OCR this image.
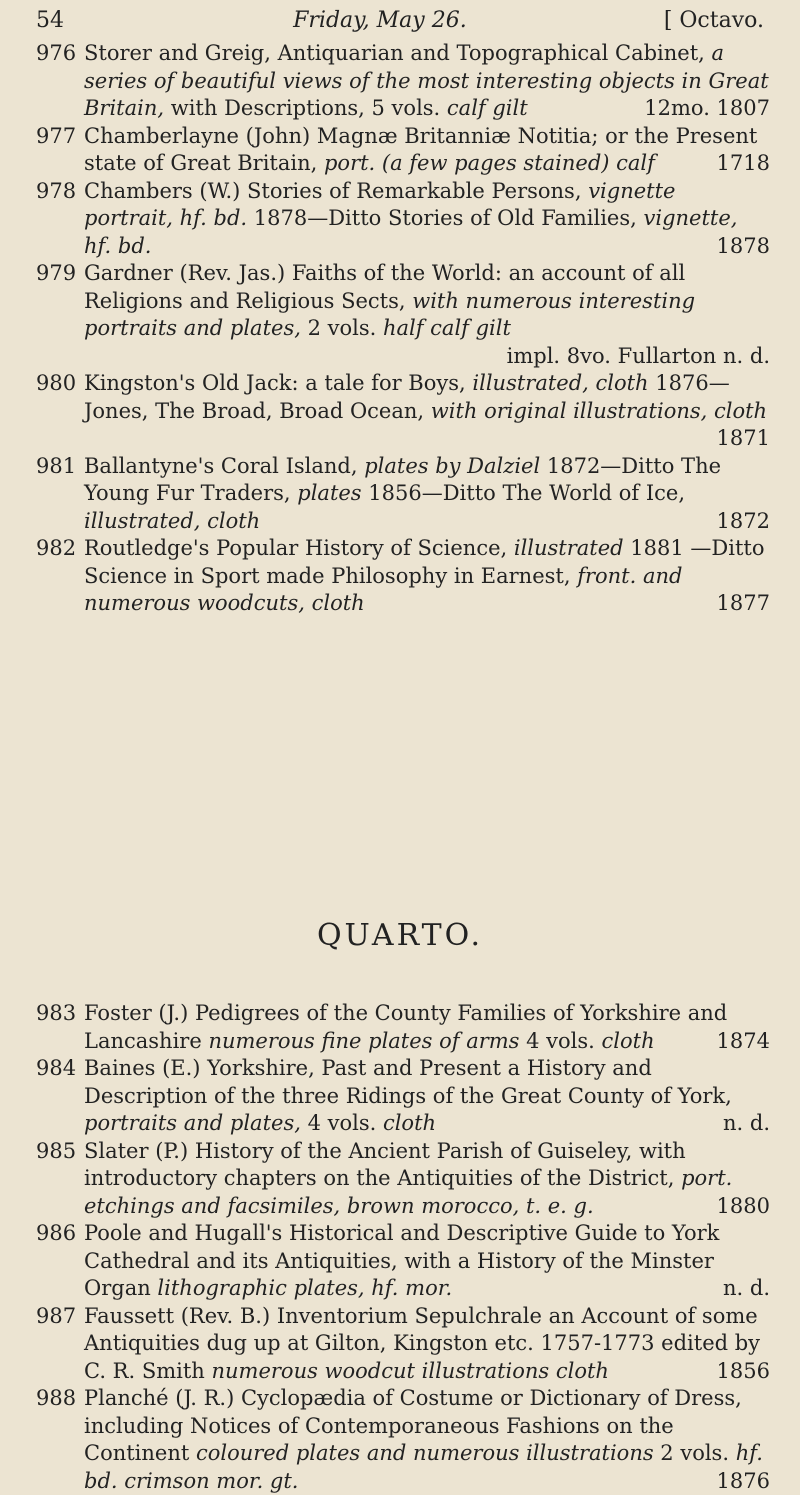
54	Friday, May 26.	[ Octavo.

976 Storer and Greig, Antiquarian and Topographical Cabinet, a series of beautiful views of the most interesting objects in Great Britain, with Descriptions, 5 vols. calf gilt	12mo. 1807

977 Chamberlayne (John) Magnæ Britanniæ Notitia; or the Present state of Great Britain, port. (a few pages stained) calf	1718

978 Chambers (W.) Stories of Remarkable Persons, vignette portrait, hf. bd. 1878—Ditto Stories of Old Families, vignette, hf. bd.	1878

979 Gardner (Rev. Jas.) Faiths of the World: an account of all Religions and Religious Sects, with numerous interesting portraits and plates, 2 vols. half calf gilt
impl. 8vo. Fullarton n. d.

980 Kingston's Old Jack: a tale for Boys, illustrated, cloth 1876—Jones, The Broad, Broad Ocean, with original illustrations, cloth
1871

981 Ballantyne's Coral Island, plates by Dalziel 1872—Ditto The Young Fur Traders, plates 1856—Ditto The World of Ice, illustrated, cloth	1872

982 Routledge's Popular History of Science, illustrated 1881 —Ditto Science in Sport made Philosophy in Earnest, front. and numerous woodcuts, cloth	1877

QUARTO.

983 Foster (J.) Pedigrees of the County Families of Yorkshire and Lancashire numerous fine plates of arms 4 vols. cloth	1874

984 Baines (E.) Yorkshire, Past and Present a History and Description of the three Ridings of the Great County of York, portraits and plates, 4 vols. cloth	n. d.

985 Slater (P.) History of the Ancient Parish of Guiseley, with introductory chapters on the Antiquities of the District, port. etchings and facsimiles, brown morocco, t. e. g.	1880

986 Poole and Hugall's Historical and Descriptive Guide to York Cathedral and its Antiquities, with a History of the Minster Organ lithographic plates, hf. mor.	n. d.

987 Faussett (Rev. B.) Inventorium Sepulchrale an Account of some Antiquities dug up at Gilton, Kingston etc. 1757-1773 edited by C. R. Smith numerous woodcut illustrations cloth	1856

988 Planché (J. R.) Cyclopædia of Costume or Dictionary of Dress, including Notices of Contemporaneous Fashions on the Continent coloured plates and numerous illustrations 2 vols. hf. bd. crimson mor. gt.	1876
